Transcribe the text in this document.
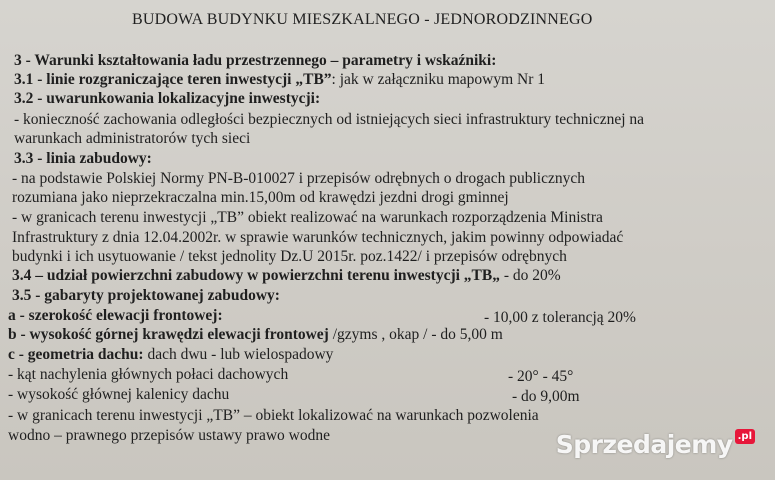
BUDOWA BUDYNKU MIESZKALNEGO - JEDNORODZINNEGO
3 - Warunki kształtowania ładu przestrzennego – parametry i wskaźniki:
3.1 - linie rozgraniczające teren inwestycji „TB”: jak w załączniku mapowym Nr 1
3.2 - uwarunkowania lokalizacyjne inwestycji:
- konieczność zachowania odległości bezpiecznych od istniejących sieci infrastruktury technicznej na
warunkach administratorów tych sieci
3.3 - linia zabudowy:
- na podstawie Polskiej Normy PN-B-010027 i przepisów odrębnych o drogach publicznych
rozumiana jako nieprzekraczalna min.15,00m od krawędzi jezdni drogi gminnej
- w granicach terenu inwestycji „TB” obiekt realizować na warunkach rozporządzenia Ministra
Infrastruktury z dnia 12.04.2002r. w sprawie warunków technicznych, jakim powinny odpowiadać
budynki i ich usytuowanie / tekst jednolity Dz.U 2015r. poz.1422/ i przepisów odrębnych
3.4 – udział powierzchni zabudowy w powierzchni terenu inwestycji „TB„ - do 20%
3.5 - gabaryty projektowanej zabudowy:
a - szerokość elewacji frontowej:	- 10,00 z tolerancją 20%
b - wysokość górnej krawędzi elewacji frontowej /gzyms , okap / - do 5,00 m
c - geometria dachu: dach dwu - lub wielospadowy
- kąt nachylenia głównych połaci dachowych	- 20° - 45°
- wysokość głównej kalenicy dachu	- do 9,00m
- w granicach terenu inwestycji „TB” – obiekt lokalizować na warunkach pozwolenia
wodno – prawnego przepisów ustawy prawo wodne	Sprzedajemy .pl
